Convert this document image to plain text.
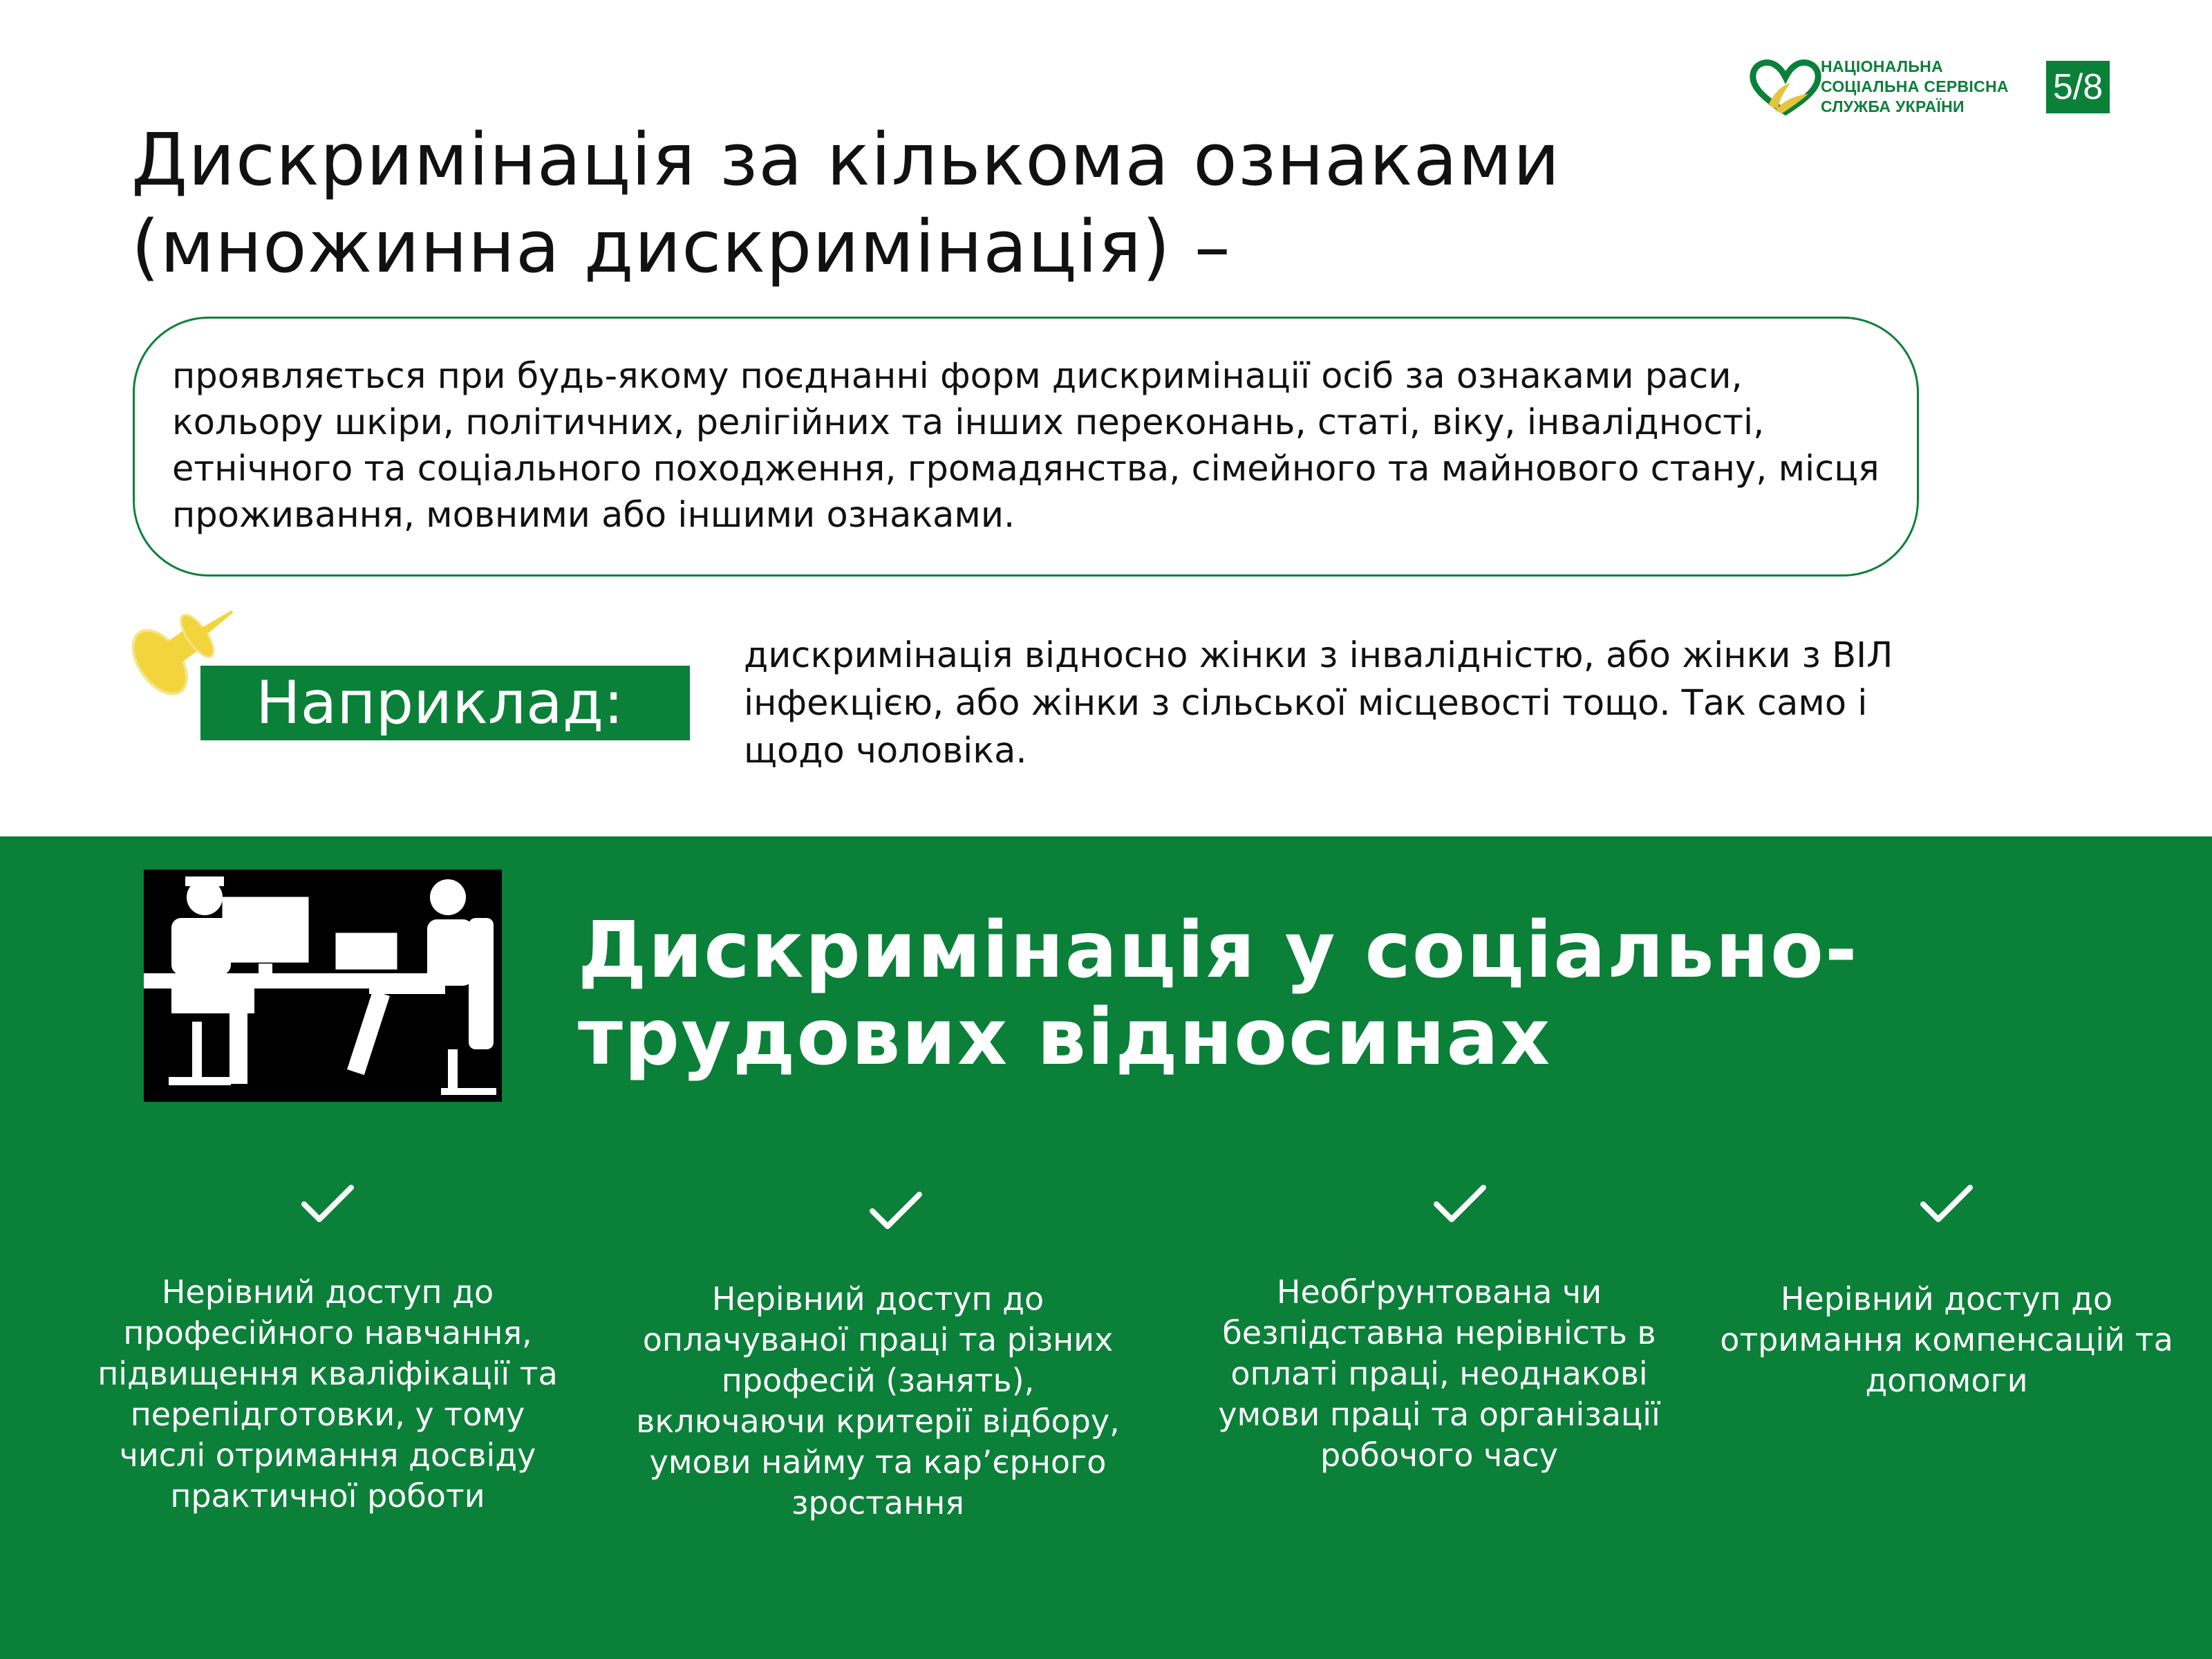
НАЦІОНАЛЬНА
СОЦІАЛЬНА СЕРВІСНА
СЛУЖБА УКРАЇНИ	5/8
Дискримінація за кількома ознаками
(множинна дискримінація) –

проявляється при будь-якому поєднанні форм дискримінації осіб за ознаками раси, кольору шкіри, політичних, релігійних та інших переконань, статі, віку, інвалідності, етнічного та соціального походження, громадянства, сімейного та майнового стану, місця проживання, мовними або іншими ознаками.

Наприклад:

дискримінація відносно жінки з інвалідністю, або жінки з ВІЛ інфекцією, або жінки з сільської місцевості тощо. Так само і щодо чоловіка.

Дискримінація у соціально-
трудових відносинах

Нерівний доступ до професійного навчання, підвищення кваліфікації та перепідготовки, у тому числі отримання досвіду практичної роботи

Нерівний доступ до оплачуваної праці та різних професій (занять), включаючи критерії відбору, умови найму та кар’єрного зростання

Необґрунтована чи безпідставна нерівність в оплаті праці, неоднакові умови праці та організації робочого часу

Нерівний доступ до отримання компенсацій та допомоги
